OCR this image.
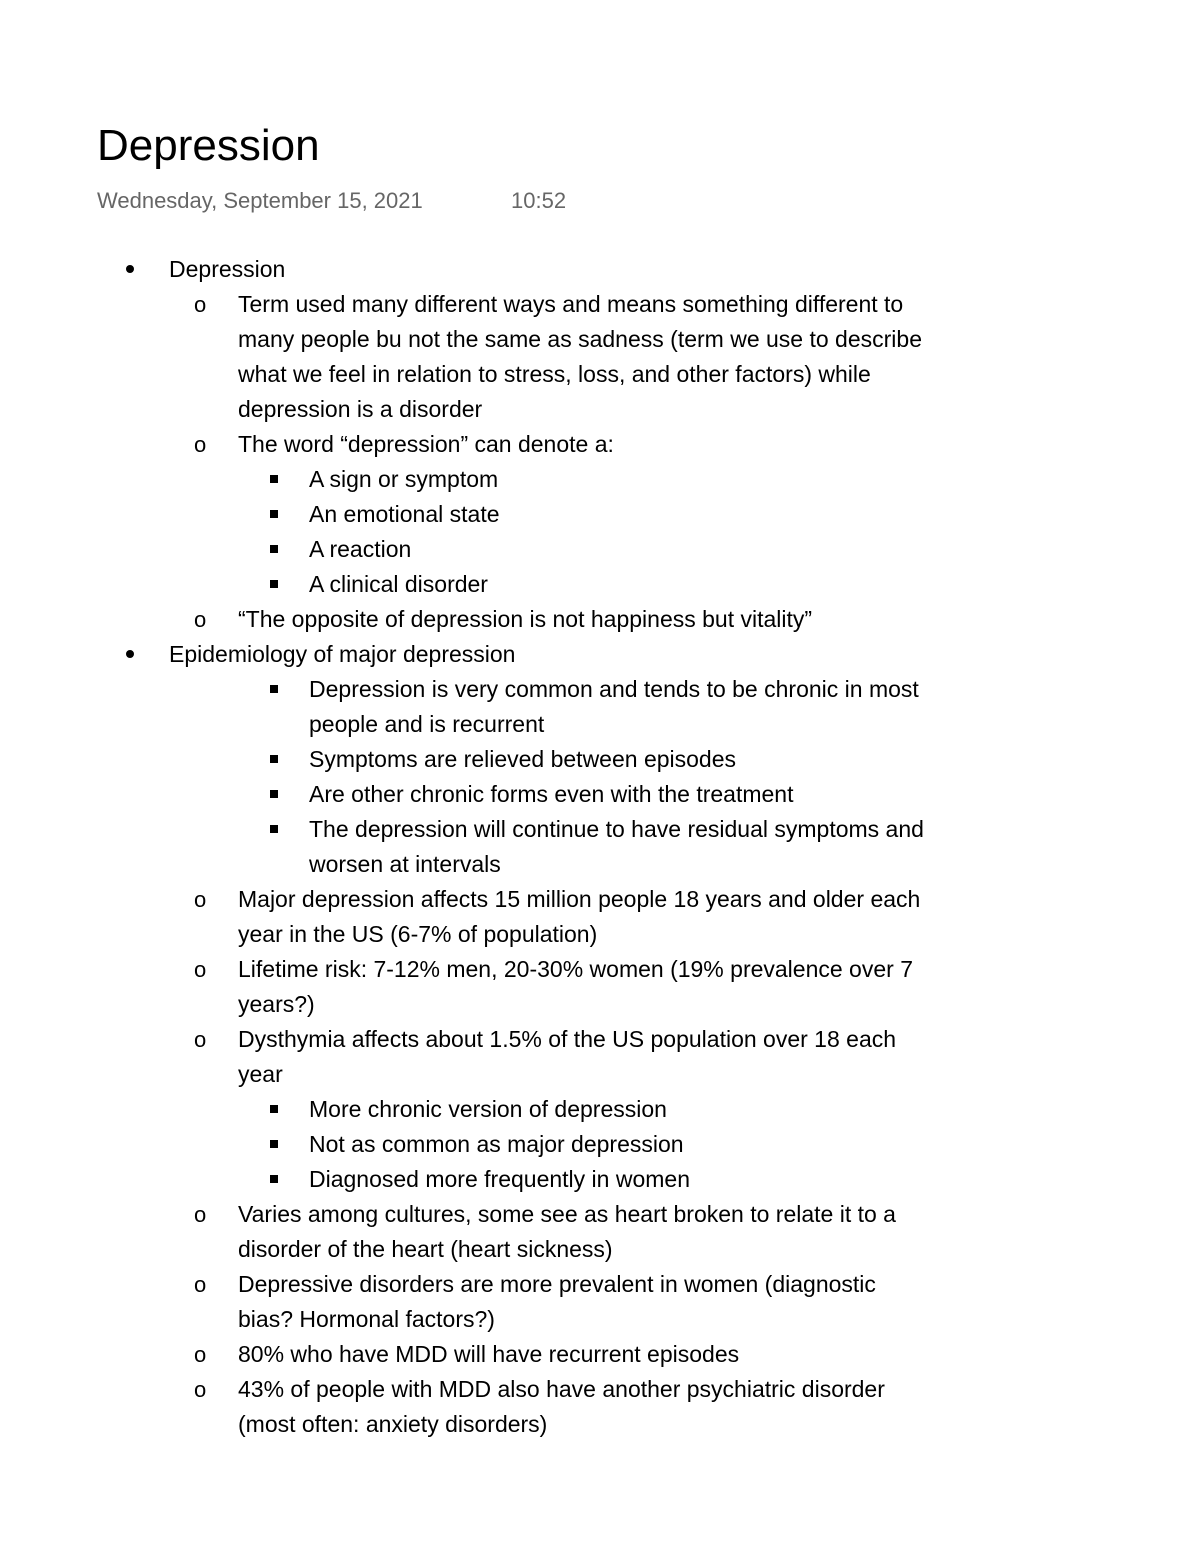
Depression
Wednesday, September 15, 2021	10:52
Depression
o Term used many different ways and means something different to
many people bu not the same as sadness (term we use to describe
what we feel in relation to stress, loss, and other factors) while
depression is a disorder
o The word “depression” can denote a:
A sign or symptom
An emotional state
A reaction
A clinical disorder
o “The opposite of depression is not happiness but vitality”
Epidemiology of major depression
Depression is very common and tends to be chronic in most
people and is recurrent
Symptoms are relieved between episodes
Are other chronic forms even with the treatment
The depression will continue to have residual symptoms and
worsen at intervals
o Major depression affects 15 million people 18 years and older each
year in the US (6-7% of population)
o Lifetime risk: 7-12% men, 20-30% women (19% prevalence over 7
years?)
o Dysthymia affects about 1.5% of the US population over 18 each
year
More chronic version of depression
Not as common as major depression
Diagnosed more frequently in women
o Varies among cultures, some see as heart broken to relate it to a
disorder of the heart (heart sickness)
o Depressive disorders are more prevalent in women (diagnostic
bias? Hormonal factors?)
o 80% who have MDD will have recurrent episodes
o 43% of people with MDD also have another psychiatric disorder
(most often: anxiety disorders)
